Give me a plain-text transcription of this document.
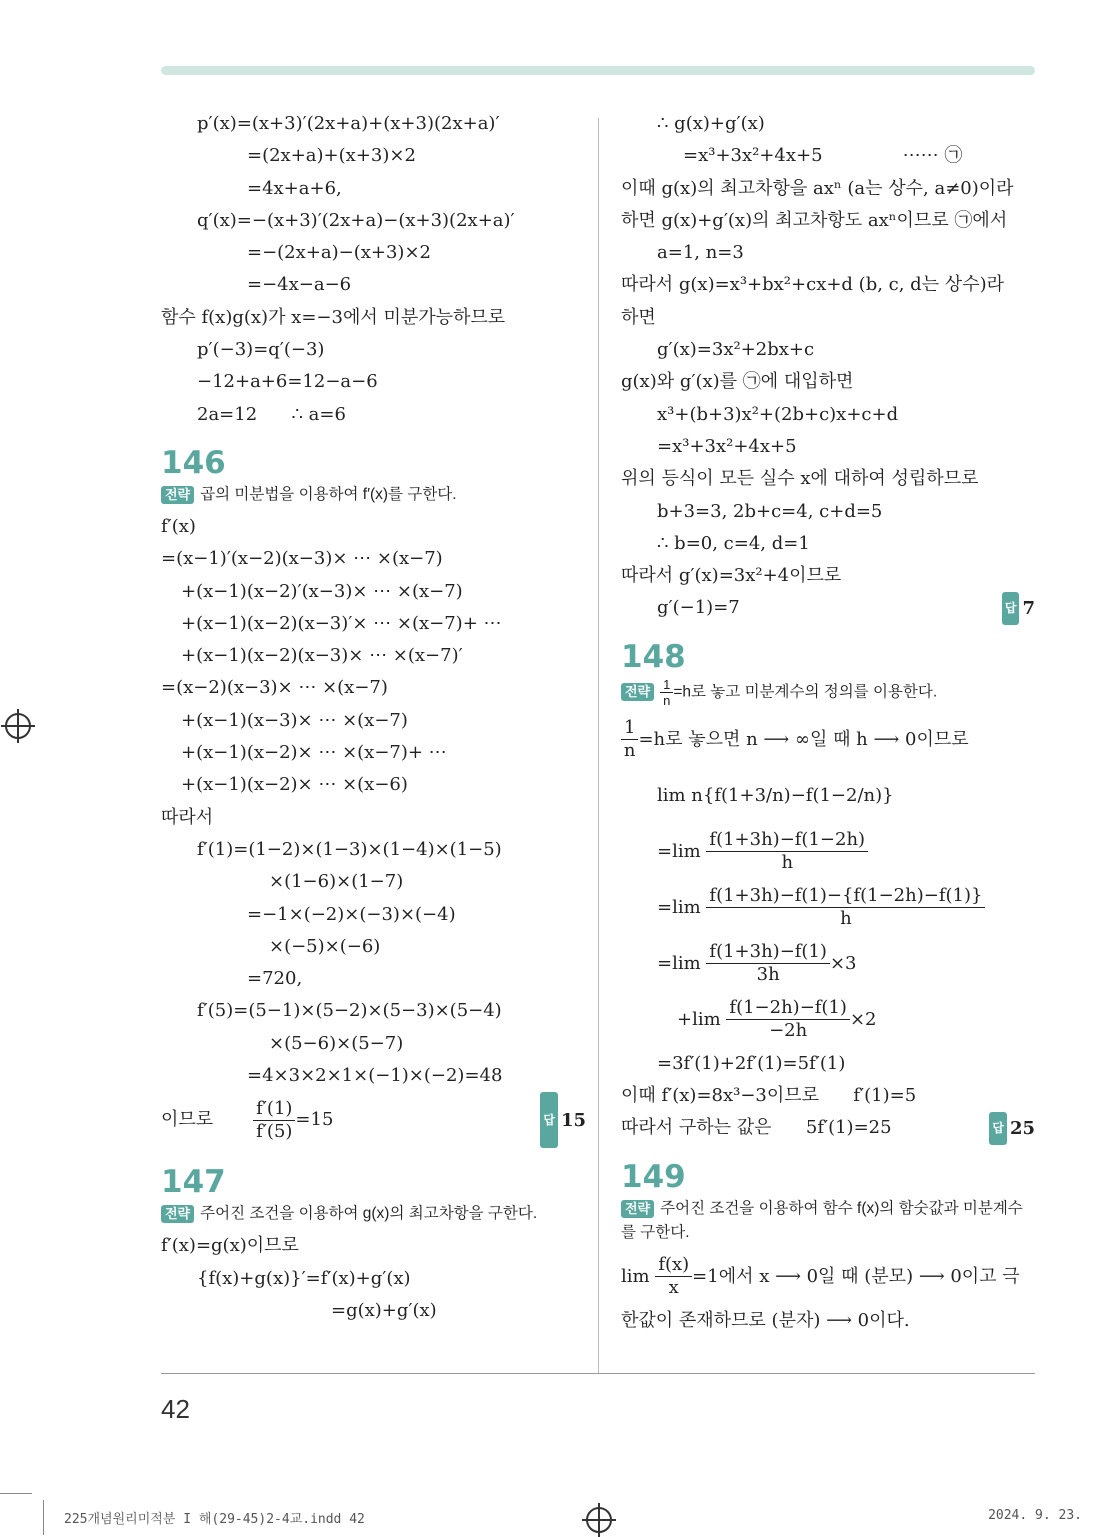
p′(x)=(x+3)′(2x+a)+(x+3)(2x+a)′
=(2x+a)+(x+3)×2
=4x+a+6,
q′(x)=−(x+3)′(2x+a)−(x+3)(2x+a)′
=−(2x+a)−(x+3)×2
=−4x−a−6
함수 f(x)g(x)가 x=−3에서 미분가능하므로
p′(−3)=q′(−3)
−12+a+6=12−a−6
2a=12      ∴ a=6
146
전략 곱의 미분법을 이용하여 f′(x)를 구한다.
f′(x)
=(x−1)′(x−2)(x−3)× ⋯ ×(x−7)
+(x−1)(x−2)′(x−3)× ⋯ ×(x−7)
+(x−1)(x−2)(x−3)′× ⋯ ×(x−7)+ ⋯
+(x−1)(x−2)(x−3)× ⋯ ×(x−7)′
=(x−2)(x−3)× ⋯ ×(x−7)
+(x−1)(x−3)× ⋯ ×(x−7)
+(x−1)(x−2)× ⋯ ×(x−7)+ ⋯
+(x−1)(x−2)× ⋯ ×(x−6)
따라서
f′(1)=(1−2)×(1−3)×(1−4)×(1−5)
×(1−6)×(1−7)
=−1×(−2)×(−3)×(−4)
×(−5)×(−6)
=720,
f′(5)=(5−1)×(5−2)×(5−3)×(5−4)
×(5−6)×(5−7)
=4×3×2×1×(−1)×(−2)=48
이므로 $\frac{f'(1)}{f'(5)} =15$	답 15
147
전략 주어진 조건을 이용하여 g(x)의 최고차항을 구한다.
f′(x)=g(x)이므로
{f(x)+g(x)}′=f′(x)+g′(x)
=g(x)+g′(x)
∴ g(x)+g′(x)
=x³+3x²+4x+5              ⋯⋯ ㉠
이때 g(x)의 최고차항을 axⁿ (a는 상수, a≠0)이라
하면 g(x)+g′(x)의 최고차항도 axⁿ이므로 ㉠에서
a=1, n=3
따라서 g(x)=x³+bx²+cx+d (b, c, d는 상수)라
하면
g′(x)=3x²+2bx+c
g(x)와 g′(x)를 ㉠에 대입하면
x³+(b+3)x²+(2b+c)x+c+d
=x³+3x²+4x+5
위의 등식이 모든 실수 x에 대하여 성립하므로
b+3=3, 2b+c=4, c+d=5
∴ b=0, c=4, d=1
따라서 g′(x)=3x²+4이므로
g′(−1)=7	답 7
148
전략 $\frac{1}{n} =h$로 놓고 미분계수의 정의를 이용한다.
$\frac{1}{n} =h$로 놓으면 n ⟶ ∞일 때 h ⟶ 0이므로
lim n{f(1+3/n)−f(1−2/n)}
$=\lim \frac{f(1+3h)-f(1-2h)}{h}$
$=\lim \frac{f(1+3h)-f(1)-\{f(1-2h)-f(1)\}}{h}$
$=\lim \frac{f(1+3h)-f(1)}{3h} \times 3$
$+\lim \frac{f(1-2h)-f(1)}{-2h} \times 2$
=3f′(1)+2f′(1)=5f′(1)
이때 f′(x)=8x³−3이므로      f′(1)=5
따라서 구하는 값은      5f′(1)=25	답 25
149
전략 주어진 조건을 이용하여 함수 f(x)의 함숫값과 미분계수를 구한다.
$\lim \frac{f(x)}{x} =1$에서 x ⟶ 0일 때 (분모) ⟶ 0이고 극
한값이 존재하므로 (분자) ⟶ 0이다.
42
225개념원리미적분 I 해(29-45)2-4교.indd 42	2024. 9. 23.
